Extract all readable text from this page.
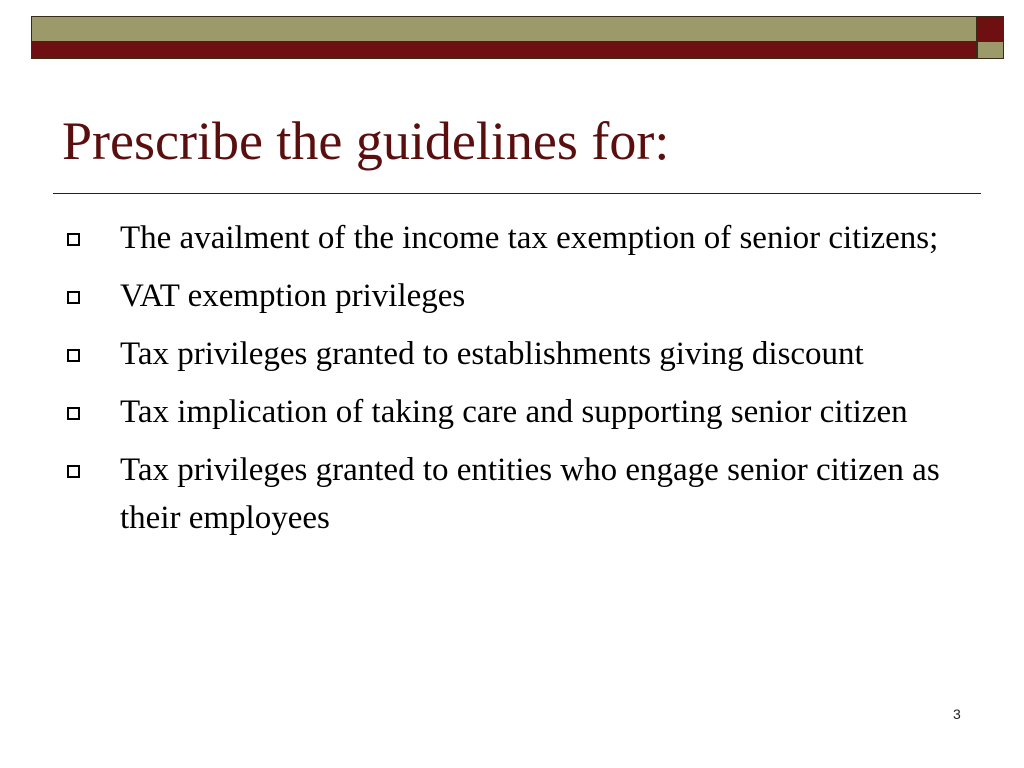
Prescribe the guidelines for:
The availment of the income tax exemption of senior citizens;
VAT exemption privileges
Tax privileges granted to establishments giving discount
Tax implication of taking care and supporting senior citizen
Tax privileges granted to entities who engage senior citizen as their employees
3
